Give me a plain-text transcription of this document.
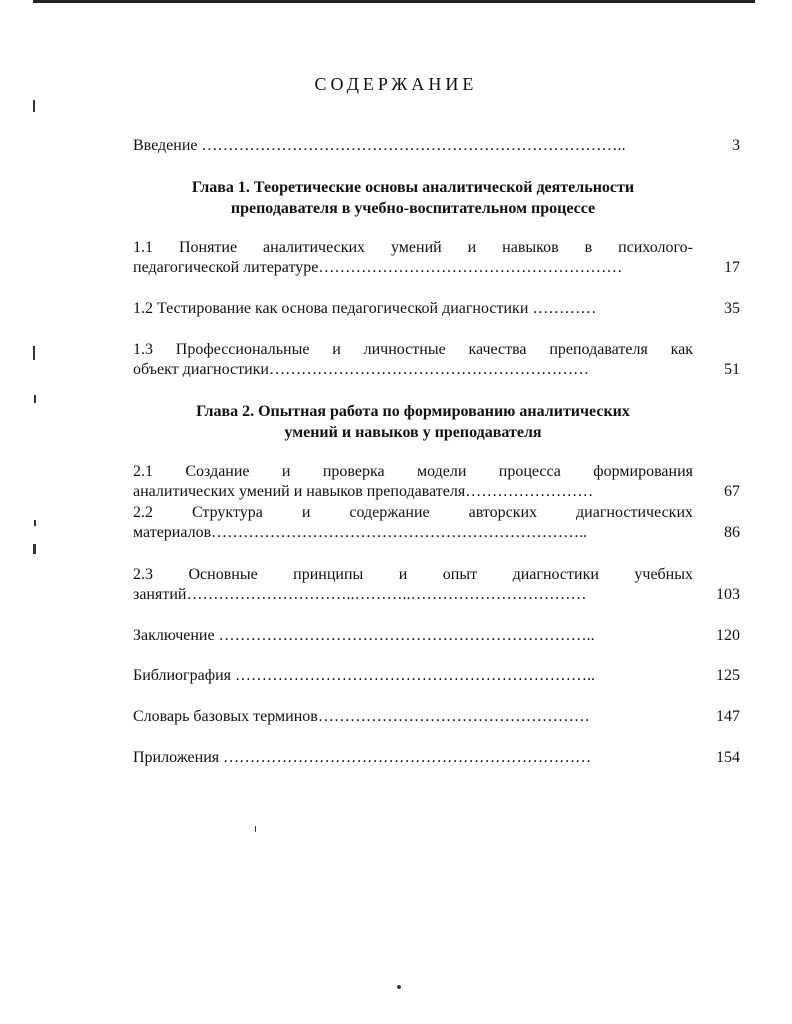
СОДЕРЖАНИЕ
Введение ……………………………………………………………………..	3
Глава 1. Теоретические основы аналитической деятельности
преподавателя в учебно-воспитательном процессе
1.1 Понятие аналитических умений и навыков в психолого-
педагогической литературе…………………………………………………	17
1.2 Тестирование как основа педагогической диагностики …………	35
1.3 Профессиональные и личностные качества преподавателя как
объект диагностики……………………………………………………	51
Глава 2. Опытная работа по формированию аналитических
умений и навыков у преподавателя
2.1 Создание и проверка модели процесса формирования
аналитических умений и навыков преподавателя……………………	67
2.2 Структура и содержание авторских диагностических
материалов……………………………………………………………..	86
2.3 Основные принципы и опыт диагностики учебных
занятий…………………………..………..……………………………	103
Заключение ……………………………………………………………..	120
Библиография …………………………………………………………..	125
Словарь базовых терминов……………………………………………	147
Приложения ……………………………………………………………	154
